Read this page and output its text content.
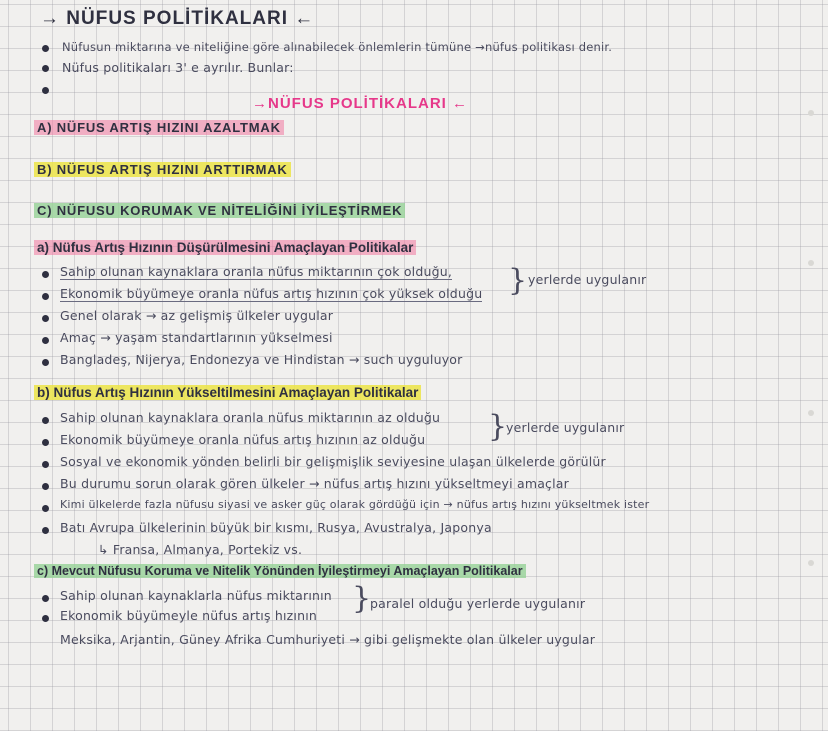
→ NÜFUS POLİTİKALARI ←
Nüfusun miktarına ve niteliğine göre alınabilecek önlemlerin tümüne →nüfus politikası denir.
Nüfus politikaları 3' e ayrılır. Bunlar:
→NÜFUS POLİTİKALARI ←
A) NÜFUS ARTIŞ HIZINI AZALTMAK
B) NÜFUS ARTIŞ HIZINI ARTTIRMAK
C) NÜFUSU KORUMAK VE NİTELİĞİNİ İYİLEŞTİRMEK
a) Nüfus Artış Hızının Düşürülmesini Amaçlayan Politikalar
Sahip olunan kaynaklara oranla nüfus miktarının çok olduğu,
Ekonomik büyümeye oranla nüfus artış hızının çok yüksek olduğu } yerlerde uygulanır
Genel olarak → az gelişmiş ülkeler uygular
Amaç → yaşam standartlarının yükselmesi
Bangladeş, Nijerya, Endonezya ve Hindistan → such uyguluyor
b) Nüfus Artış Hızının Yükseltilmesini Amaçlayan Politikalar
Sahip olunan kaynaklara oranla nüfus miktarının az olduğu
Ekonomik büyümeye oranla nüfus artış hızının az olduğu }
yerlerde uygulanır
Sosyal ve ekonomik yönden belirli bir gelişmişlik seviyesine ulaşan ülkelerde görülür
Bu durumu sorun olarak gören ülkeler → nüfus artış hızını yükseltmeyi amaçlar
Kimi ülkelerde fazla nüfusu siyasi ve asker güç olarak gördüğü için → nüfus artış hızını yükseltmek ister
Batı Avrupa ülkelerinin büyük bir kısmı, Rusya, Avustralya, Japonya
↳ Fransa, Almanya, Portekiz vs.
c) Mevcut Nüfusu Koruma ve Nitelik Yönünden İyileştirmeyi Amaçlayan Politikalar
Sahip olunan kaynaklarla nüfus miktarının
Ekonomik büyümeyle nüfus artış hızının }
paralel olduğu yerlerde uygulanır
Meksika, Arjantin, Güney Afrika Cumhuriyeti → gibi gelişmekte olan ülkeler uygular
